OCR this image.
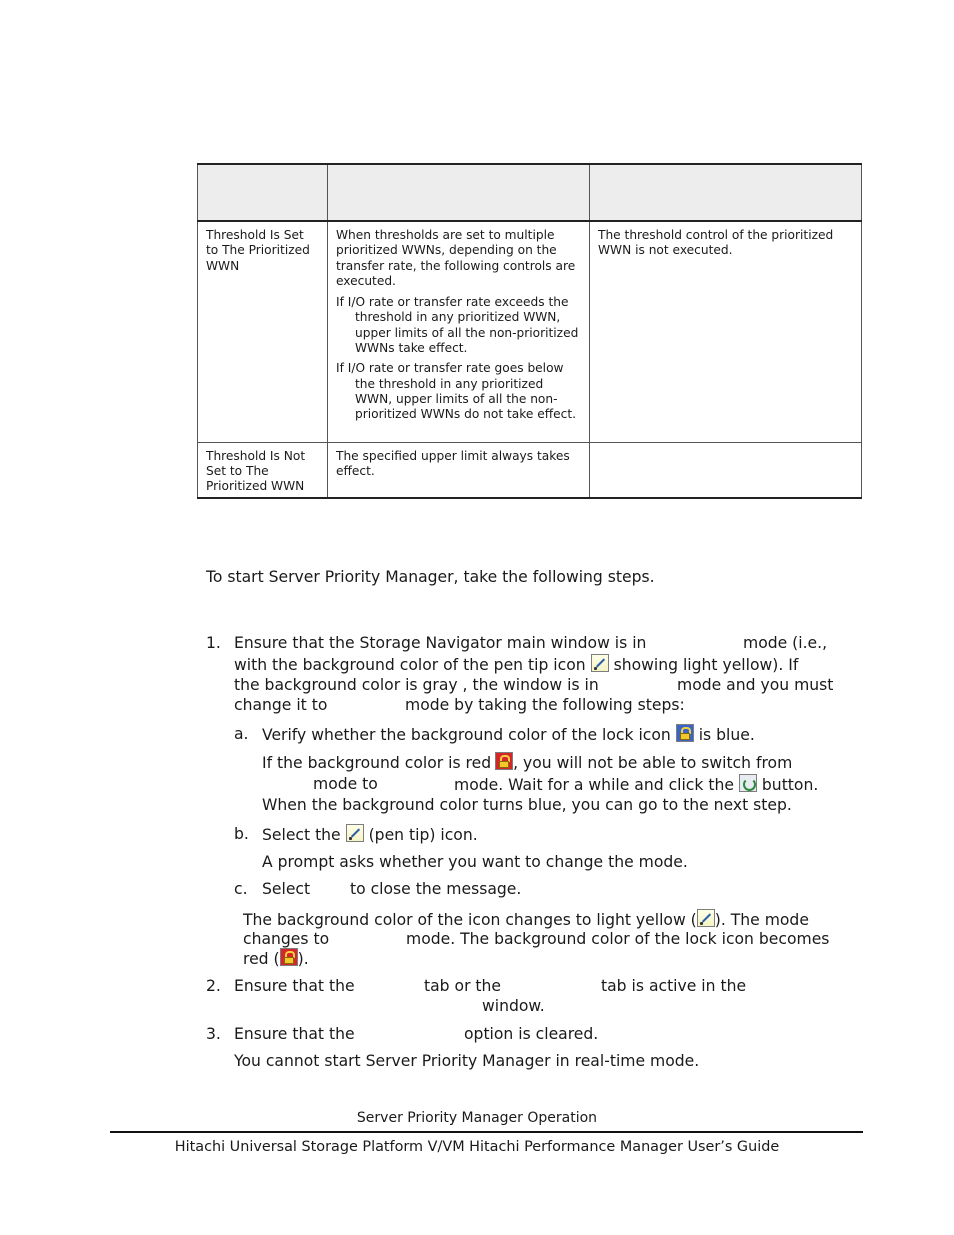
Threshold Is Set to The Prioritized WWN	When thresholds are set to multiple prioritized WWNs, depending on the transfer rate, the following controls are executed.

If I/O rate or transfer rate exceeds the threshold in any prioritized WWN, upper limits of all the non-prioritized WWNs take effect.

If I/O rate or transfer rate goes below the threshold in any prioritized WWN, upper limits of all the non-prioritized WWNs do not take effect.	The threshold control of the prioritized WWN is not executed.
Threshold Is Not Set to The Prioritized WWN	The specified upper limit always takes effect.	
To start Server Priority Manager, take the following steps.
1. Ensure that the Storage Navigator main window is in	mode (i.e.,
with the background color of the pen tip icon showing light yellow). If
the background color is gray , the window is in	mode and you must
change it to	mode by taking the following steps:
a. Verify whether the background color of the lock icon is blue.
If the background color is red , you will not be able to switch from
mode to	mode. Wait for a while and click the button.
When the background color turns blue, you can go to the next step.
b. Select the (pen tip) icon.
A prompt asks whether you want to change the mode.
c. Select	to close the message.
The background color of the icon changes to light yellow ( ). The mode
changes to	mode. The background color of the lock icon becomes
red ( ).
2. Ensure that the	tab or the	tab is active in the
window.
3. Ensure that the	option is cleared.
You cannot start Server Priority Manager in real-time mode.
Server Priority Manager Operation
Hitachi Universal Storage Platform V/VM Hitachi Performance Manager User’s Guide
